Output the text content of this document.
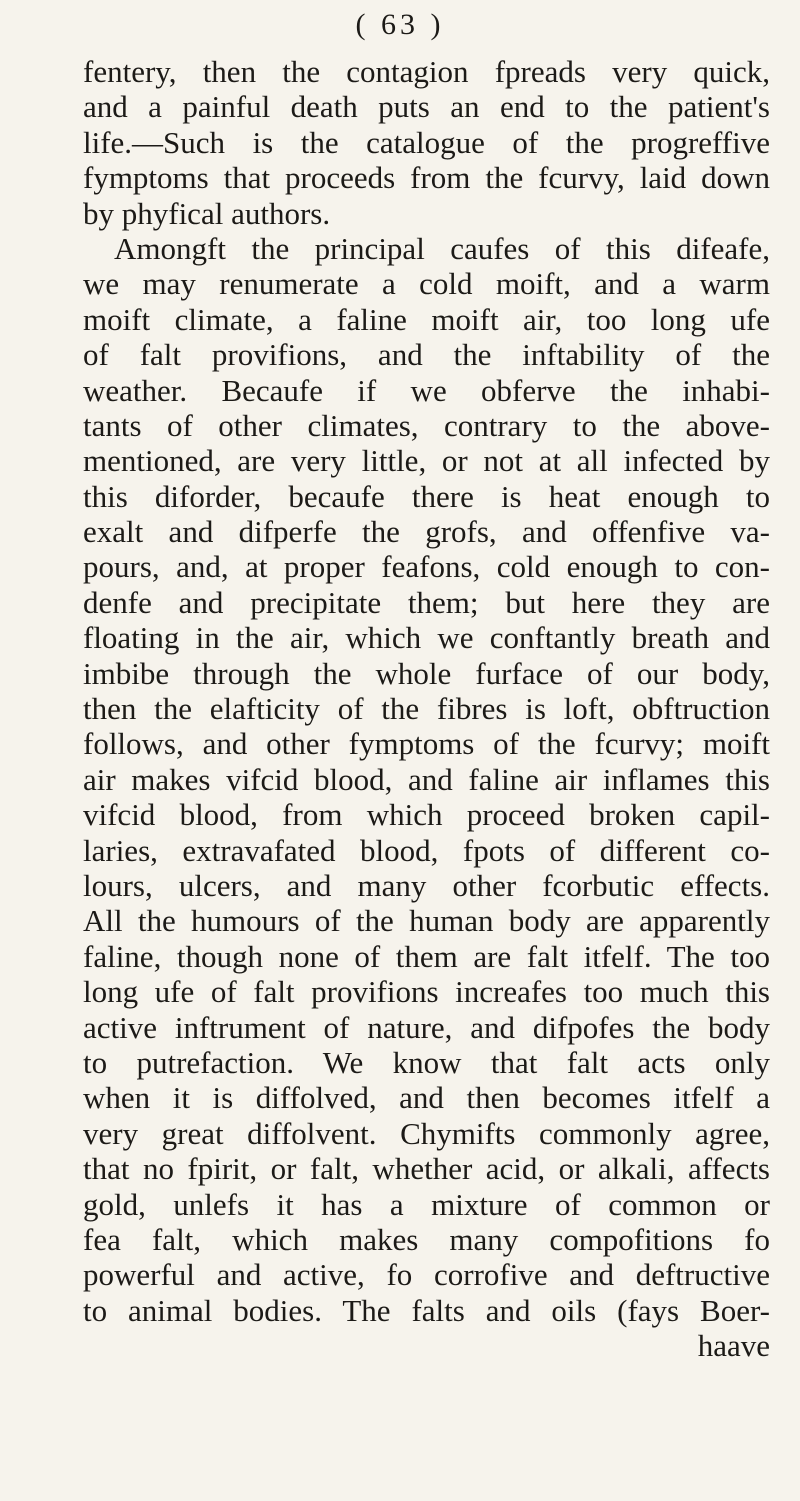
( 63 )
fentery, then the contagion fpreads very quick,
and a painful death puts an end to the patient's
life.—Such is the catalogue of the progreffive
fymptoms that proceeds from the fcurvy, laid down
by phyfical authors.
Amongft the principal caufes of this difeafe,
we may renumerate a cold moift, and a warm
moift climate, a faline moift air, too long ufe
of falt provifions, and the inftability of the
weather. Becaufe if we obferve the inhabi-
tants of other climates, contrary to the above-
mentioned, are very little, or not at all infected by
this diforder, becaufe there is heat enough to
exalt and difperfe the grofs, and offenfive va-
pours, and, at proper feafons, cold enough to con-
denfe and precipitate them; but here they are
floating in the air, which we conftantly breath and
imbibe through the whole furface of our body,
then the elafticity of the fibres is loft, obftruction
follows, and other fymptoms of the fcurvy; moift
air makes vifcid blood, and faline air inflames this
vifcid blood, from which proceed broken capil-
laries, extravafated blood, fpots of different co-
lours, ulcers, and many other fcorbutic effects.
All the humours of the human body are apparently
faline, though none of them are falt itfelf. The too
long ufe of falt provifions increafes too much this
active inftrument of nature, and difpofes the body
to putrefaction. We know that falt acts only
when it is diffolved, and then becomes itfelf a
very great diffolvent. Chymifts commonly agree,
that no fpirit, or falt, whether acid, or alkali, affects
gold, unlefs it has a mixture of common or
fea falt, which makes many compofitions fo
powerful and active, fo corrofive and deftructive
to animal bodies. The falts and oils (fays Boer-
haave
